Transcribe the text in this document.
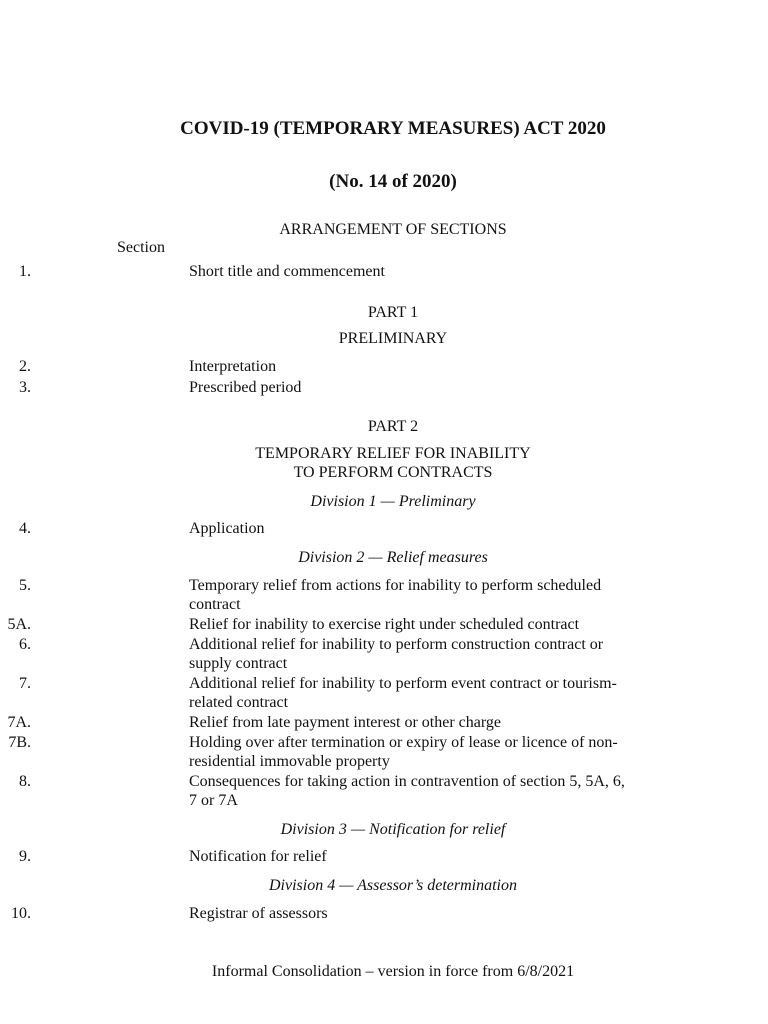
COVID-19 (TEMPORARY MEASURES) ACT 2020
(No. 14 of 2020)
ARRANGEMENT OF SECTIONS
Section
1.	Short title and commencement
PART 1
PRELIMINARY
2.	Interpretation
3.	Prescribed period
PART 2
TEMPORARY RELIEF FOR INABILITY
TO PERFORM CONTRACTS
Division 1 — Preliminary
4.	Application
Division 2 — Relief measures
5.	Temporary relief from actions for inability to perform scheduled contract
5A.	Relief for inability to exercise right under scheduled contract
6.	Additional relief for inability to perform construction contract or supply contract
7.	Additional relief for inability to perform event contract or tourism-related contract
7A.	Relief from late payment interest or other charge
7B.	Holding over after termination or expiry of lease or licence of non-residential immovable property
8.	Consequences for taking action in contravention of section 5, 5A, 6, 7 or 7A
Division 3 — Notification for relief
9.	Notification for relief
Division 4 — Assessor’s determination
10.	Registrar of assessors
Informal Consolidation – version in force from 6/8/2021
